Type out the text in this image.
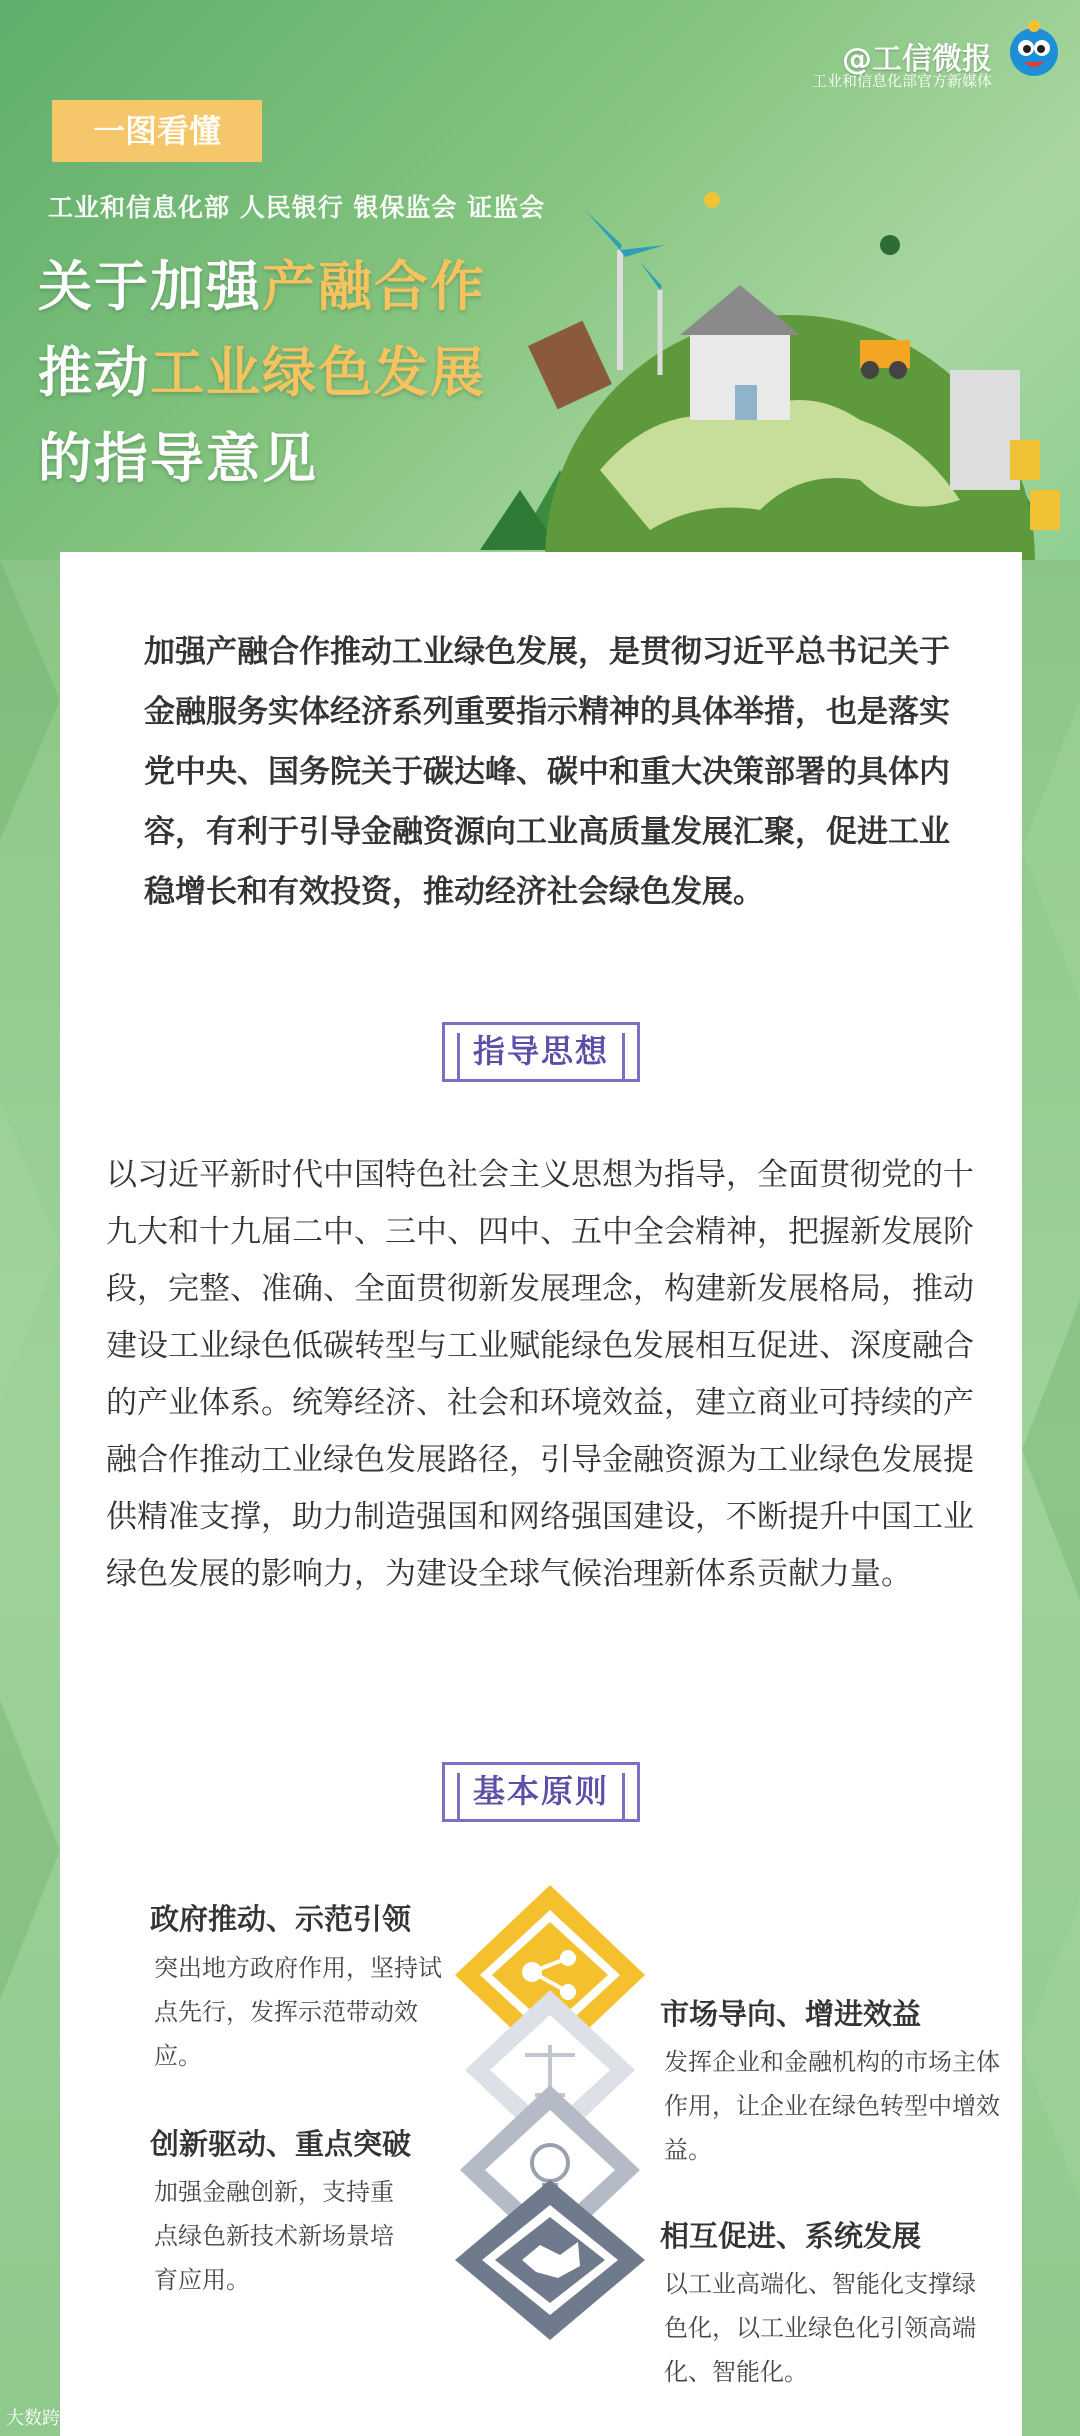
@工信微报
工业和信息化部官方新媒体
一图看懂
工业和信息化部 人民银行 银保监会 证监会
关于加强产融合作
推动工业绿色发展
的指导意见
加强产融合作推动工业绿色发展，是贯彻习近平总书记关于金融服务实体经济系列重要指示精神的具体举措，也是落实党中央、国务院关于碳达峰、碳中和重大决策部署的具体内容，有利于引导金融资源向工业高质量发展汇聚，促进工业稳增长和有效投资，推动经济社会绿色发展。
指导思想
以习近平新时代中国特色社会主义思想为指导，全面贯彻党的十九大和十九届二中、三中、四中、五中全会精神，把握新发展阶段，完整、准确、全面贯彻新发展理念，构建新发展格局，推动建设工业绿色低碳转型与工业赋能绿色发展相互促进、深度融合的产业体系。统筹经济、社会和环境效益，建立商业可持续的产融合作推动工业绿色发展路径，引导金融资源为工业绿色发展提供精准支撑，助力制造强国和网络强国建设，不断提升中国工业绿色发展的影响力，为建设全球气候治理新体系贡献力量。
基本原则
政府推动、示范引领
突出地方政府作用，坚持试点先行，发挥示范带动效应。
市场导向、增进效益
发挥企业和金融机构的市场主体作用，让企业在绿色转型中增效益。
创新驱动、重点突破
加强金融创新，支持重点绿色新技术新场景培育应用。
相互促进、系统发展
以工业高端化、智能化支撑绿色化，以工业绿色化引领高端化、智能化。
大数跨境
